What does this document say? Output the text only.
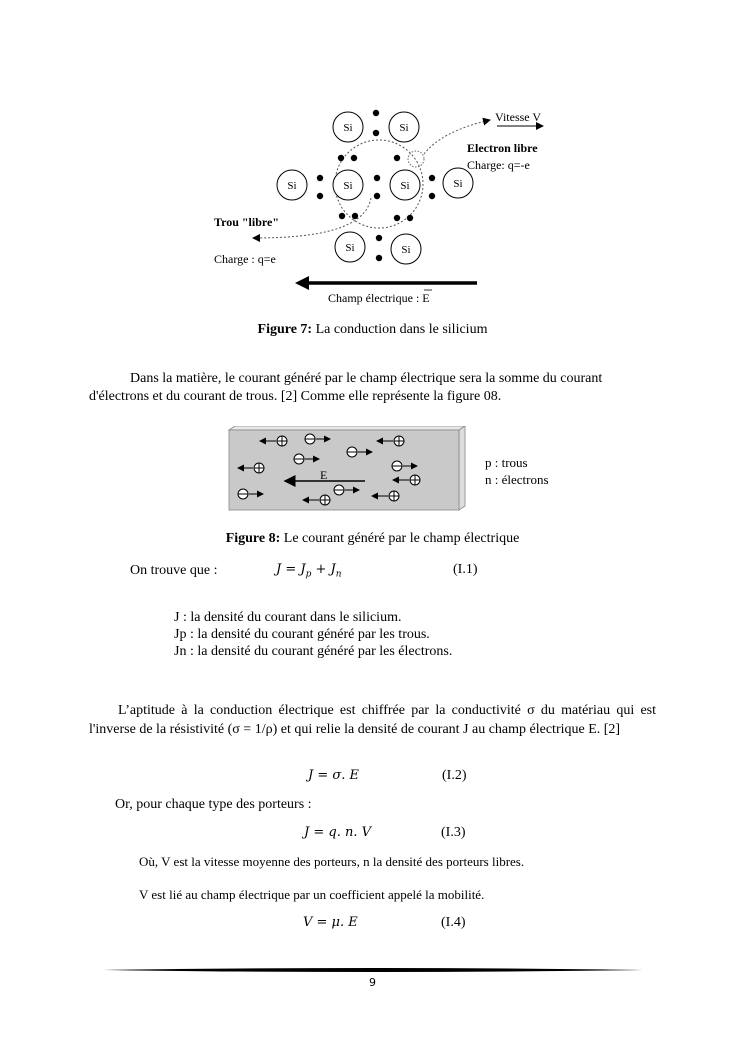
Si	Si
Si	Si	Si	Si
Si	Si
Vitesse V
Electron libre
Charge: q=-e
Trou "libre"
Charge : q=e
Champ électrique : E
Figure 7: La conduction dans le silicium
Dans la matière, le courant généré par le champ électrique sera la somme du courant
d'électrons et du courant de trous. [2] Comme elle représente la figure 08.
E
p : trous
n : électrons
Figure 8: Le courant généré par le champ électrique
On trouve que :	$J = J_p + J_n$	(I.1)
J : la densité du courant dans le silicium.
Jp : la densité du courant généré par les trous.
Jn : la densité du courant généré par les électrons.
L’aptitude à la conduction électrique est chiffrée par la conductivité σ du matériau qui est l'inverse de la résistivité (σ = 1/ρ) et qui relie la densité de courant J au champ électrique E. [2]
J = σ. E	(I.2)
Or, pour chaque type des porteurs :
J = q. n. V	(I.3)
Où, V est la vitesse moyenne des porteurs, n la densité des porteurs libres.
V est lié au champ électrique par un coefficient appelé la mobilité.
V = μ. E	(I.4)
9
